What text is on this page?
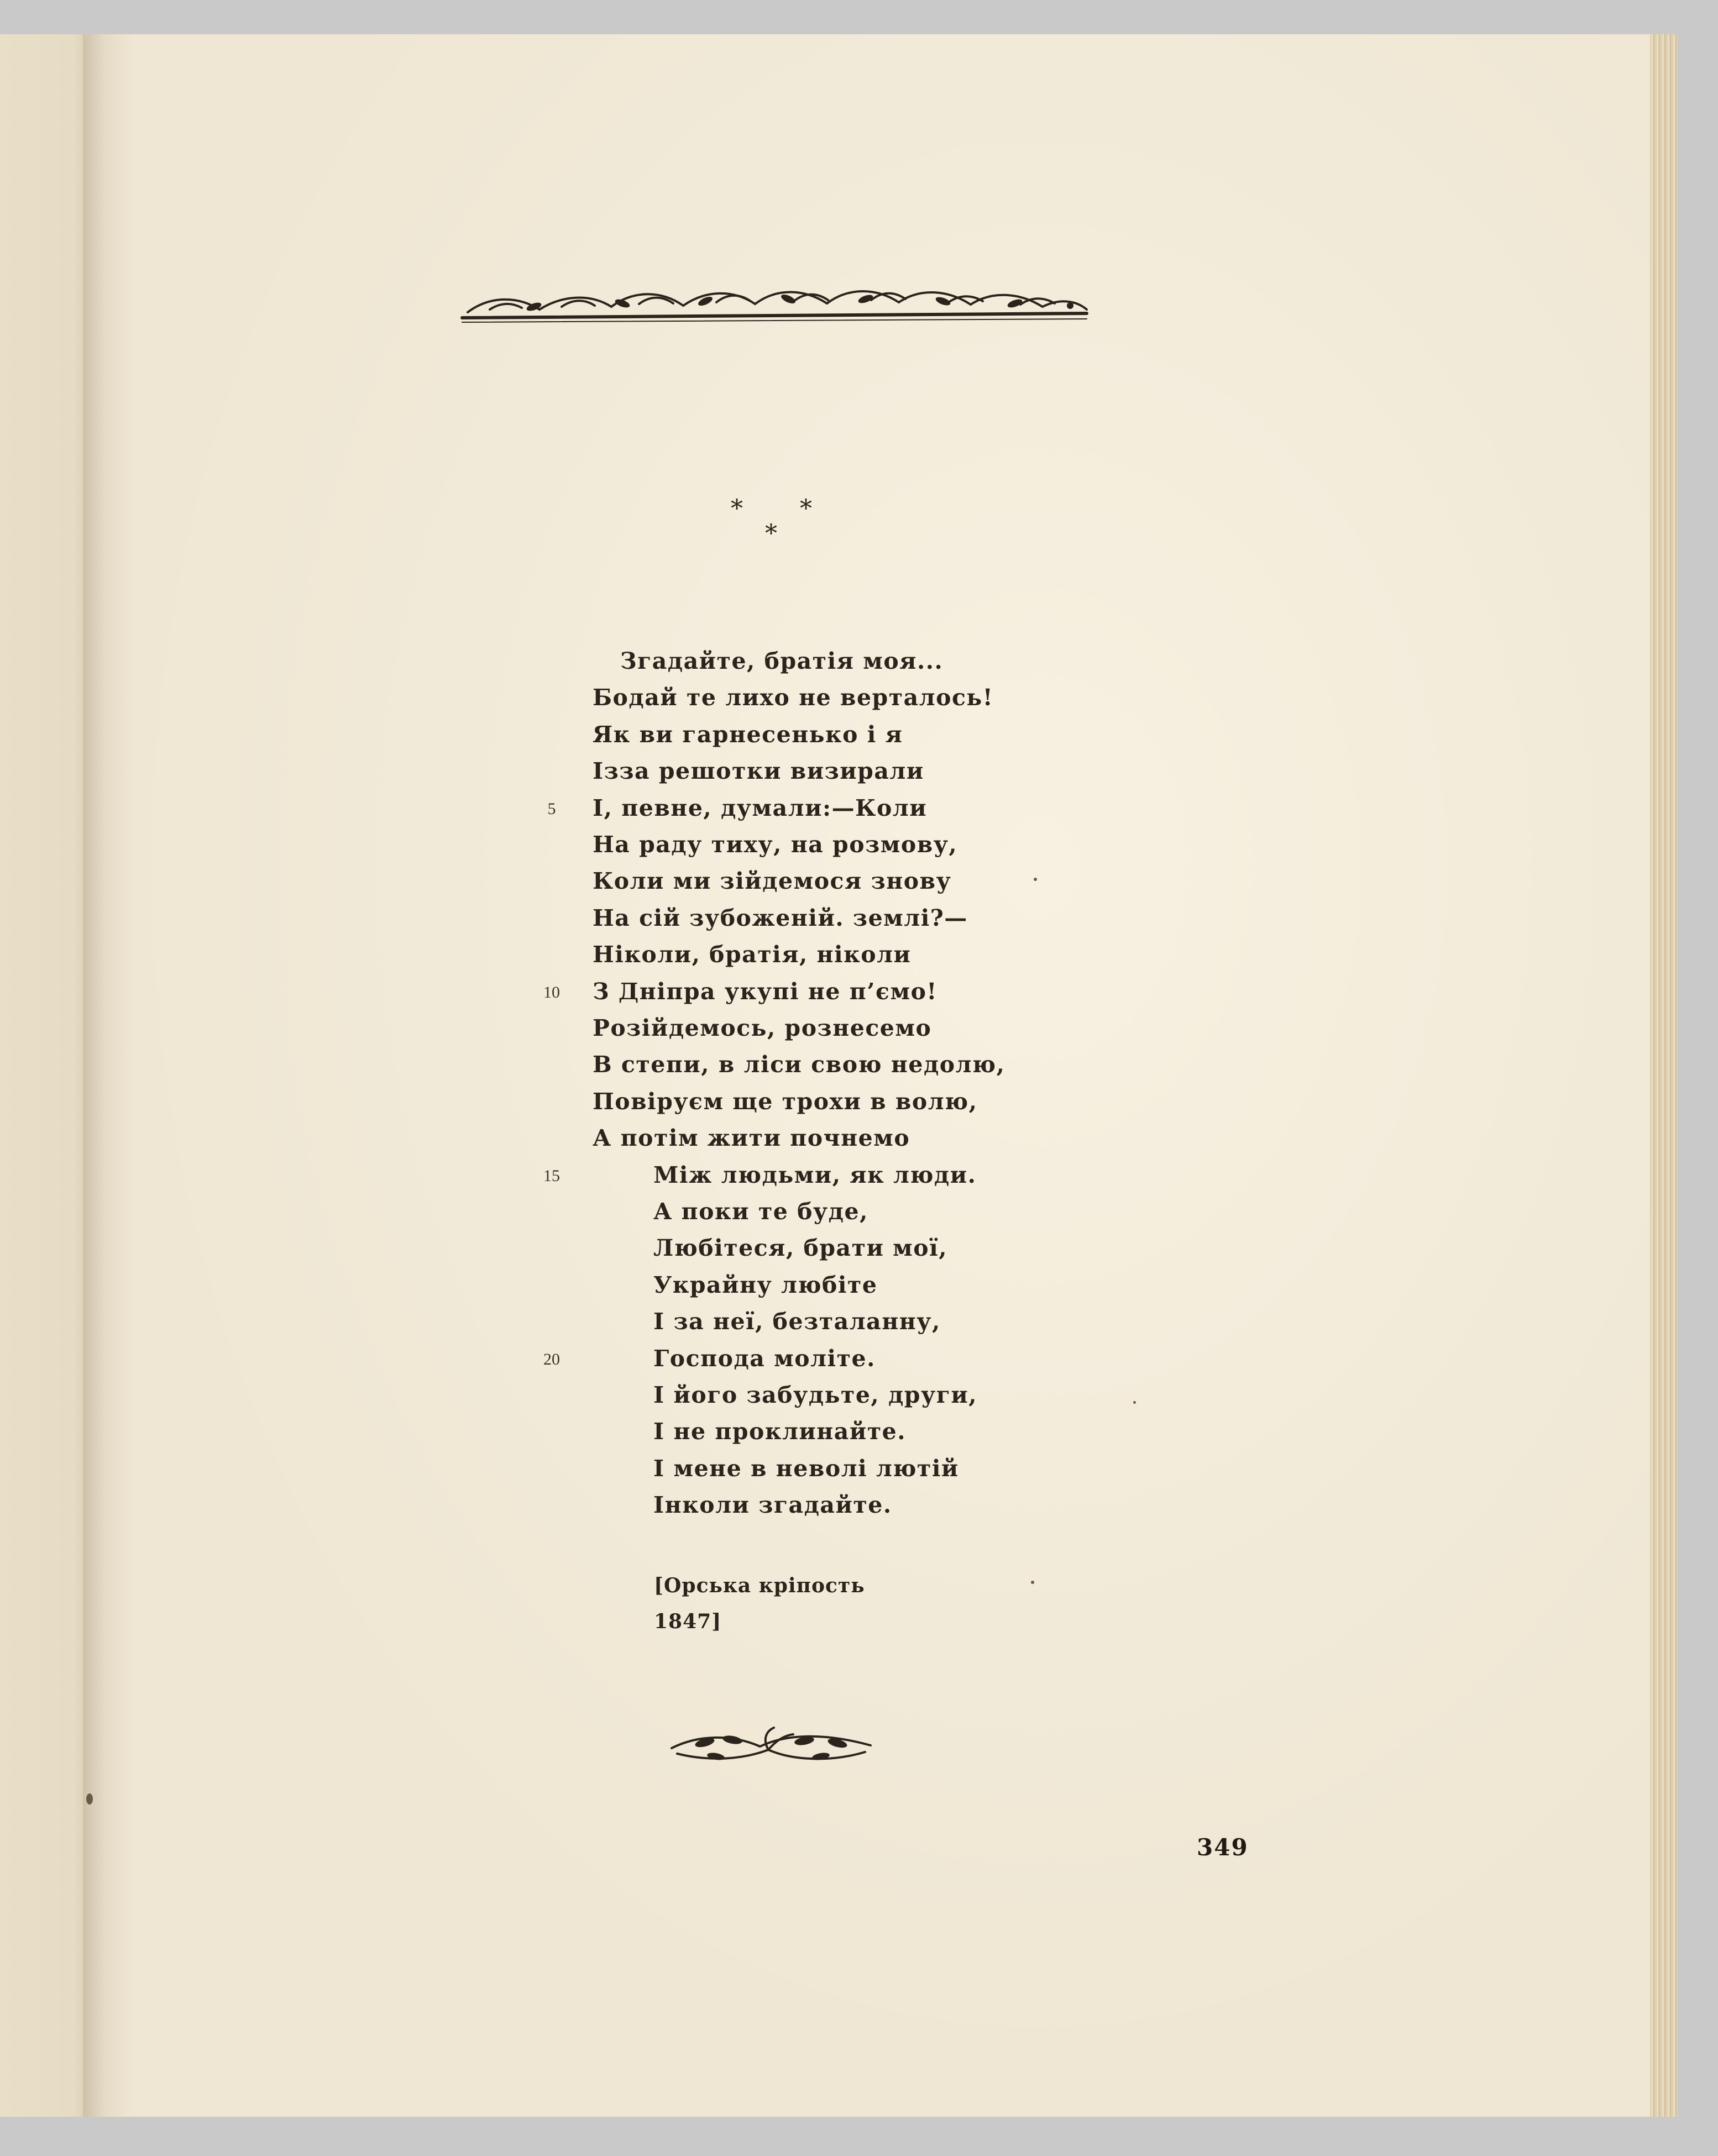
* *
*
Згадайте, братія моя...
Бодай те лихо не верталось!
Як ви гарнесенько і я
Ізза решотки визирали
І, певне, думали:—Коли
5
На раду тиху, на розмову,
Коли ми зійдемося знову
На сій зубоженій. землі?—
Ніколи, братія, ніколи
З Дніпра укупі не п’ємо!
10
Розійдемось, рознесемо
В степи, в ліси свою недолю,
Повіруєм ще трохи в волю,
А потім жити почнемо
Між людьми, як люди.
15
А поки те буде,
Любітеся, брати мої,
Украйну любіте
І за неї, безталанну,
Господа моліте.
20
І його забудьте, други,
І не проклинайте.
І мене в неволі лютій
Інколи згадайте.
[Орська кріпость
1847]
349
